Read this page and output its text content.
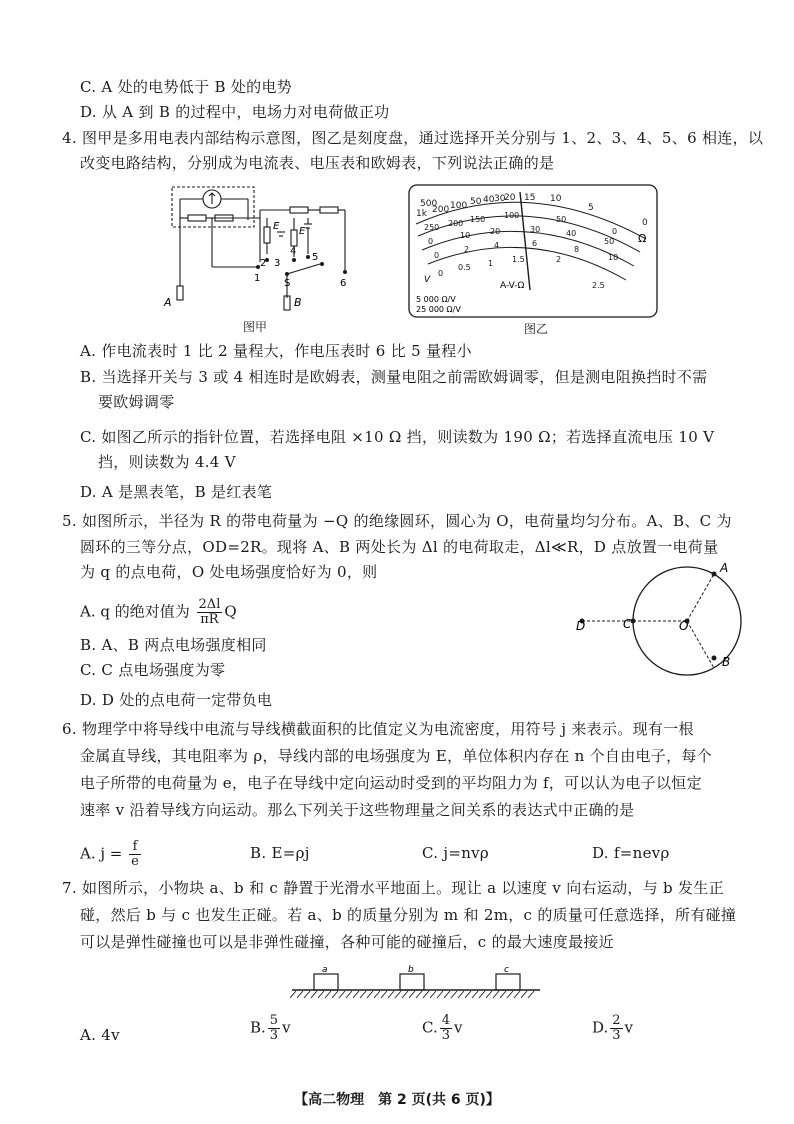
C. A 处的电势低于 B 处的电势
D. 从 A 到 B 的过程中，电场力对电荷做正功
4. 图甲是多用电表内部结构示意图，图乙是刻度盘，通过选择开关分别与 1、2、3、4、5、6 相连，以
改变电路结构，分别成为电流表、电压表和欧姆表，下列说法正确的是
A	B
S
E E′
1
2 3
4
5
6
图甲
500
1k 200 100 50 40 30
20 15 10
5
0
Ω
250 200 150 100	50
0
0
10 20	30	40
50
0
2	4	6
8
10
0
0.5 1 1.5	2
2.5
V
A-V-Ω
5 000 Ω/V
25 000 Ω/V
图乙
A. 作电流表时 1 比 2 量程大，作电压表时 6 比 5 量程小
B. 当选择开关与 3 或 4 相连时是欧姆表，测量电阻之前需欧姆调零，但是测电阻换挡时不需
要欧姆调零
C. 如图乙所示的指针位置，若选择电阻 ×10 Ω 挡，则读数为 190 Ω；若选择直流电压 10 V
挡，则读数为 4.4 V
D. A 是黑表笔，B 是红表笔
5. 如图所示，半径为 R 的带电荷量为 −Q 的绝缘圆环，圆心为 O，电荷量均匀分布。A、B、C 为
圆环的三等分点，OD=2R。现将 A、B 两处长为 Δl 的电荷取走，Δl≪R，D 点放置一电荷量
为 q 的点电荷，O 处电场强度恰好为 0，则
A. q 的绝对值为 $\frac{2\Delta l}{\pi R}$ Q
B. A、B 两点电场强度相同
C. C 点电场强度为零
D. D 处的点电荷一定带负电
A
B
C
D	O
6. 物理学中将导线中电流与导线横截面积的比值定义为电流密度，用符号 j 来表示。现有一根
金属直导线，其电阻率为 ρ，导线内部的电场强度为 E，单位体积内存在 n 个自由电子，每个
电子所带的电荷量为 e，电子在导线中定向运动时受到的平均阻力为 f，可以认为电子以恒定
速率 v 沿着导线方向运动。那么下列关于这些物理量之间关系的表达式中正确的是
A. $j = \frac{f}{e}$	B. E=ρj	C. j=nvρ	D. f=nevρ
7. 如图所示，小物块 a、b 和 c 静置于光滑水平地面上。现让 a 以速度 v 向右运动，与 b 发生正
碰，然后 b 与 c 也发生正碰。若 a、b 的质量分别为 m 和 2m，c 的质量可任意选择，所有碰撞
可以是弹性碰撞也可以是非弹性碰撞，各种可能的碰撞后，c 的最大速度最接近
a	b	c
A. 4v	B. $\frac{5}{3}$ v	C. $\frac{4}{3}$ v	D. $\frac{2}{3}$ v
【高二物理　第 2 页(共 6 页)】
